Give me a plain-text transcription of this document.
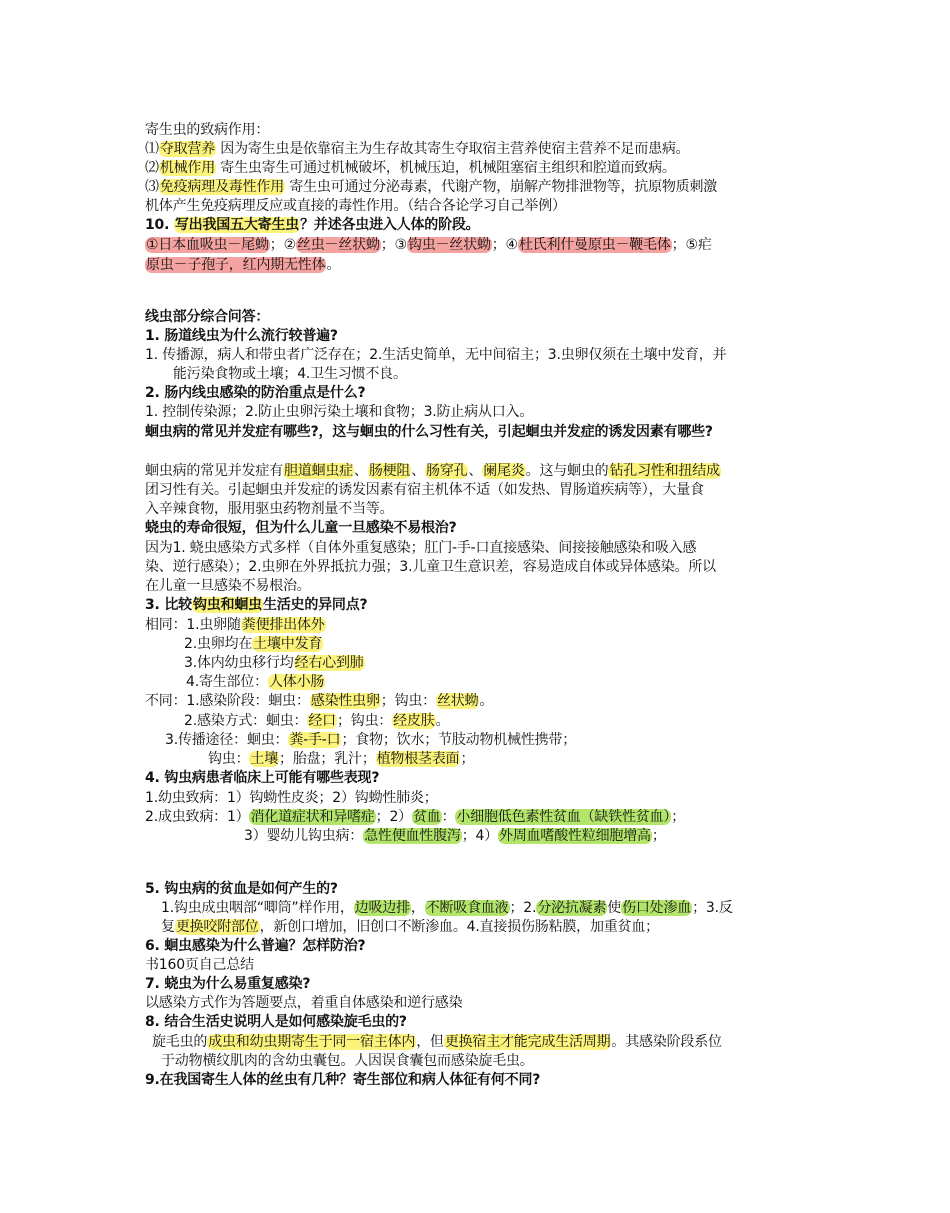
寄生虫的致病作用：
⑴夺取营养 因为寄生虫是依靠宿主为生存故其寄生夺取宿主营养使宿主营养不足而患病。
⑵机械作用 寄生虫寄生可通过机械破坏，机械压迫，机械阻塞宿主组织和腔道而致病。
⑶免疫病理及毒性作用 寄生虫可通过分泌毒素，代谢产物，崩解产物排泄物等，抗原物质刺激
机体产生免疫病理反应或直接的毒性作用。（结合各论学习自己举例）
10. 写出我国五大寄生虫？并述各虫进入人体的阶段。
①日本血吸虫－尾蚴；②丝虫－丝状蚴；③钩虫－丝状蚴；④杜氏利什曼原虫－鞭毛体；⑤疟
原虫－子孢子，红内期无性体。
线虫部分综合问答：
1. 肠道线虫为什么流行较普遍?
1. 传播源，病人和带虫者广泛存在；2.生活史简单，无中间宿主；3.虫卵仅须在土壤中发育，并
能污染食物或土壤；4.卫生习惯不良。
2. 肠内线虫感染的防治重点是什么?
1. 控制传染源；2.防止虫卵污染土壤和食物；3.防止病从口入。
蛔虫病的常见并发症有哪些?，这与蛔虫的什么习性有关，引起蛔虫并发症的诱发因素有哪些?
蛔虫病的常见并发症有胆道蛔虫症、肠梗阻、肠穿孔、阑尾炎。这与蛔虫的钻孔习性和扭结成
团习性有关。引起蛔虫并发症的诱发因素有宿主机体不适（如发热、胃肠道疾病等），大量食
入辛辣食物，服用驱虫药物剂量不当等。
蛲虫的寿命很短，但为什么儿童一旦感染不易根治?
因为1. 蛲虫感染方式多样（自体外重复感染；肛门-手-口直接感染、间接接触感染和吸入感
染、逆行感染）；2.虫卵在外界抵抗力强；3.儿童卫生意识差，容易造成自体或异体感染。所以
在儿童一旦感染不易根治。
3. 比较钩虫和蛔虫生活史的异同点?
相同：1.虫卵随粪便排出体外
2.虫卵均在土壤中发育
3.体内幼虫移行均经右心到肺
4.寄生部位：人体小肠
不同：1.感染阶段：蛔虫：感染性虫卵；钩虫：丝状蚴。
2.感染方式：蛔虫：经口；钩虫：经皮肤。
3.传播途径：蛔虫：粪-手-口；食物；饮水；节肢动物机械性携带；
钩虫：土壤；胎盘；乳汁；植物根茎表面；
4. 钩虫病患者临床上可能有哪些表现?
1.幼虫致病：1）钩蚴性皮炎；2）钩蚴性肺炎；
2.成虫致病：1）消化道症状和异嗜症；2）贫血：小细胞低色素性贫血（缺铁性贫血）；
3）婴幼儿钩虫病：急性便血性腹泻；4）外周血嗜酸性粒细胞增高；
5. 钩虫病的贫血是如何产生的?
1.钩虫成虫咽部“唧筒”样作用，边吸边排，不断吸食血液；2.分泌抗凝素使伤口处渗血；3.反
复更换咬附部位，新创口增加，旧创口不断渗血。4.直接损伤肠粘膜，加重贫血；
6. 蛔虫感染为什么普遍？怎样防治?
书160页自己总结
7. 蛲虫为什么易重复感染?
以感染方式作为答题要点，着重自体感染和逆行感染
8. 结合生活史说明人是如何感染旋毛虫的?
旋毛虫的成虫和幼虫期寄生于同一宿主体内，但更换宿主才能完成生活周期。其感染阶段系位
于动物横纹肌肉的含幼虫囊包。人因误食囊包而感染旋毛虫。
9.在我国寄生人体的丝虫有几种？寄生部位和病人体征有何不同?
